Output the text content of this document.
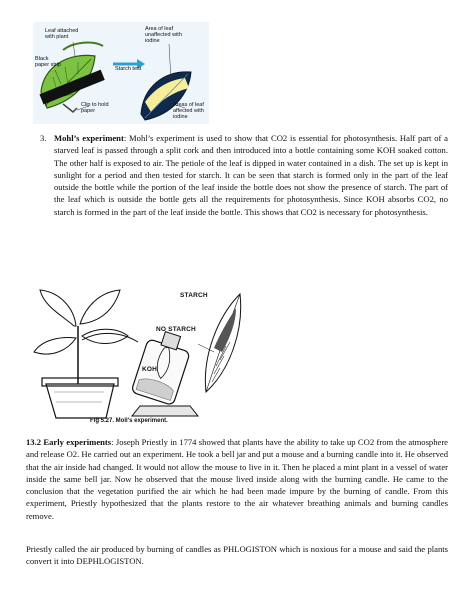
Leaf attached with plant
Black paper strip
Clip to hold paper
Starch test
Area of leaf unaffected with iodine
Areas of leaf affected with iodine
3. Mohl’s experiment: Mohl’s experiment is used to show that CO2 is essential for photosynthesis. Half part of a starved leaf is passed through a split cork and then introduced into a bottle containing some KOH soaked cotton. The other half is exposed to air. The petiole of the leaf is dipped in water contained in a dish. The set up is kept in sunlight for a period and then tested for starch. It can be seen that starch is formed only in the part of the leaf outside the bottle while the portion of the leaf inside the bottle does not show the presence of starch. The part of the leaf which is outside the bottle gets all the requirements for photosynthesis. Since KOH absorbs CO2, no starch is formed in the part of the leaf inside the bottle. This shows that CO2 is necessary for photosynthesis.
STARCH
NO STARCH
KOH
Fig 5.27. Moll’s experiment.
13.2 Early experiments: Joseph Priestly in 1774 showed that plants have the ability to take up CO2 from the atmosphere and release O2. He carried out an experiment. He took a bell jar and put a mouse and a burning candle into it. He observed that the air inside had changed. It would not allow the mouse to live in it. Then he placed a mint plant in a vessel of water inside the same bell jar. Now he observed that the mouse lived inside along with the burning candle. He came to the conclusion that the vegetation purified the air which he had been made impure by the burning of candle. From this experiment, Priestly hypothesized that the plants restore to the air whatever breathing animals and burning candles remove.
Priestly called the air produced by burning of candles as PHLOGISTON which is noxious for a mouse and said the plants convert it into DEPHLOGISTON.
